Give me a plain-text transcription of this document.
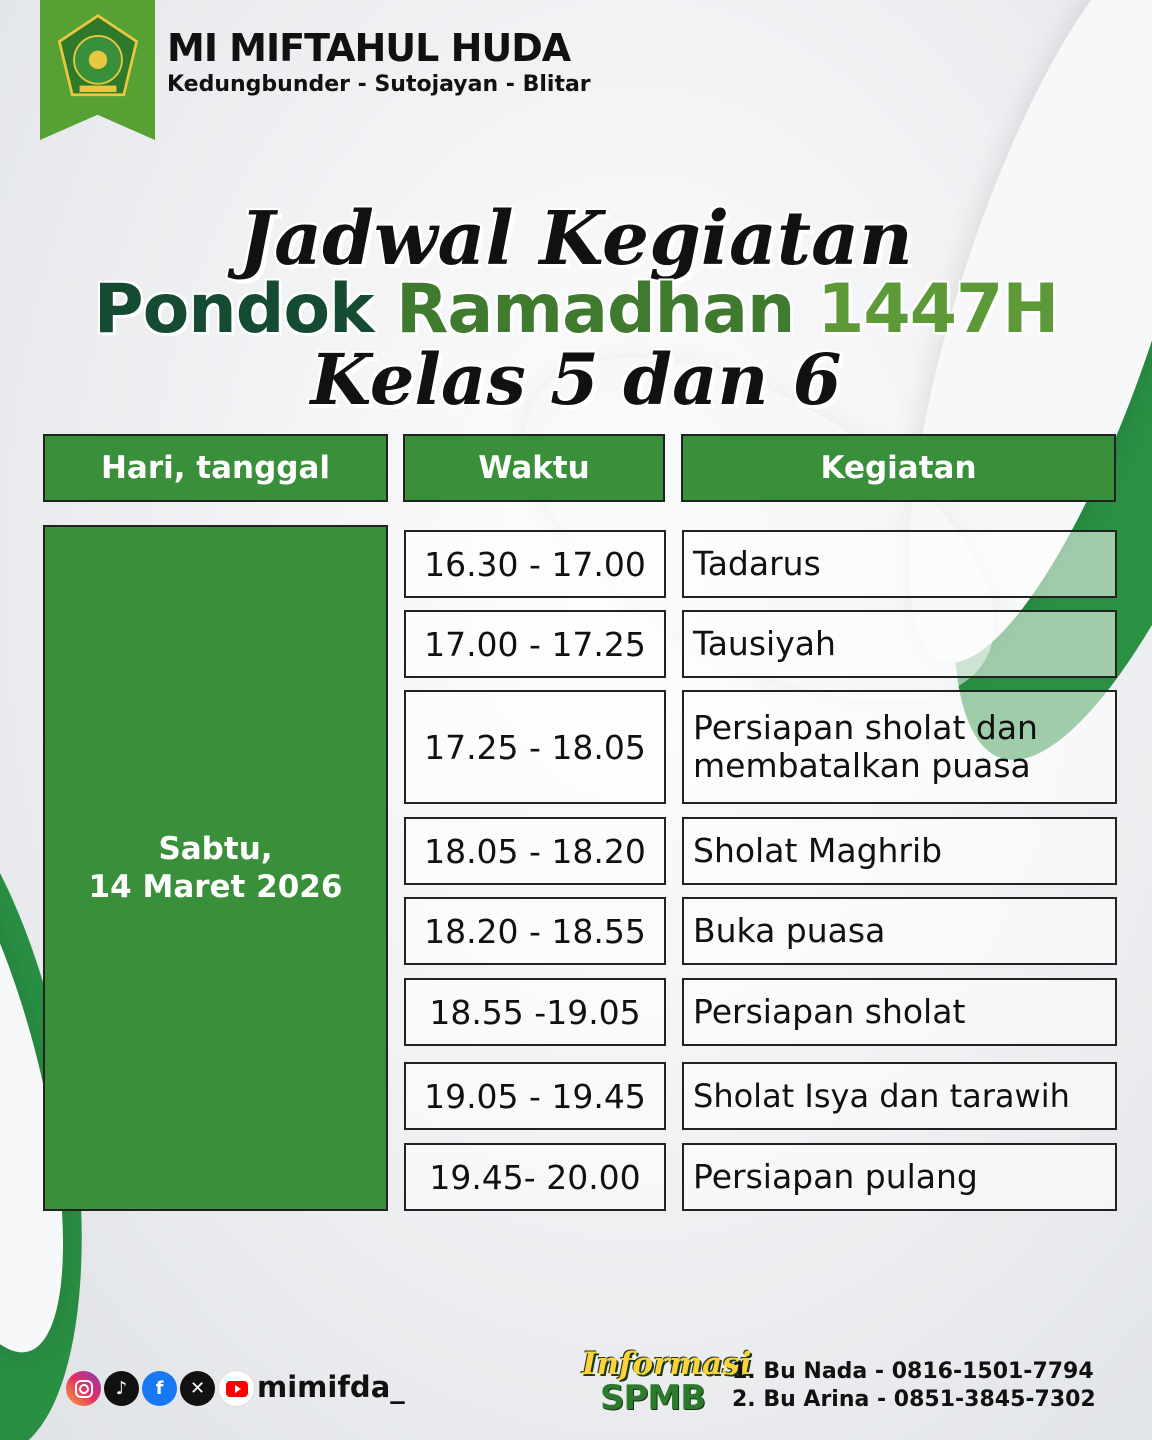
MI MIFTAHUL HUDA
Kedungbunder - Sutojayan - Blitar
Jadwal Kegiatan
Pondok Ramadhan 1447H
Kelas 5 dan 6
Hari, tanggal	Waktu	Kegiatan
Sabtu,
14 Maret 2026
16.30 - 17.00	Tadarus
17.00 - 17.25	Tausiyah
17.25 - 18.05	Persiapan sholat dan membatalkan puasa
18.05 - 18.20	Sholat Maghrib
18.20 - 18.55	Buka puasa
18.55 -19.05	Persiapan sholat
19.05 - 19.45	Sholat Isya dan tarawih
19.45- 20.00	Persiapan pulang
♪	f	✕	mimifda_
Informasi
SPMB
1. Bu Nada - 0816-1501-7794
2. Bu Arina - 0851-3845-7302
